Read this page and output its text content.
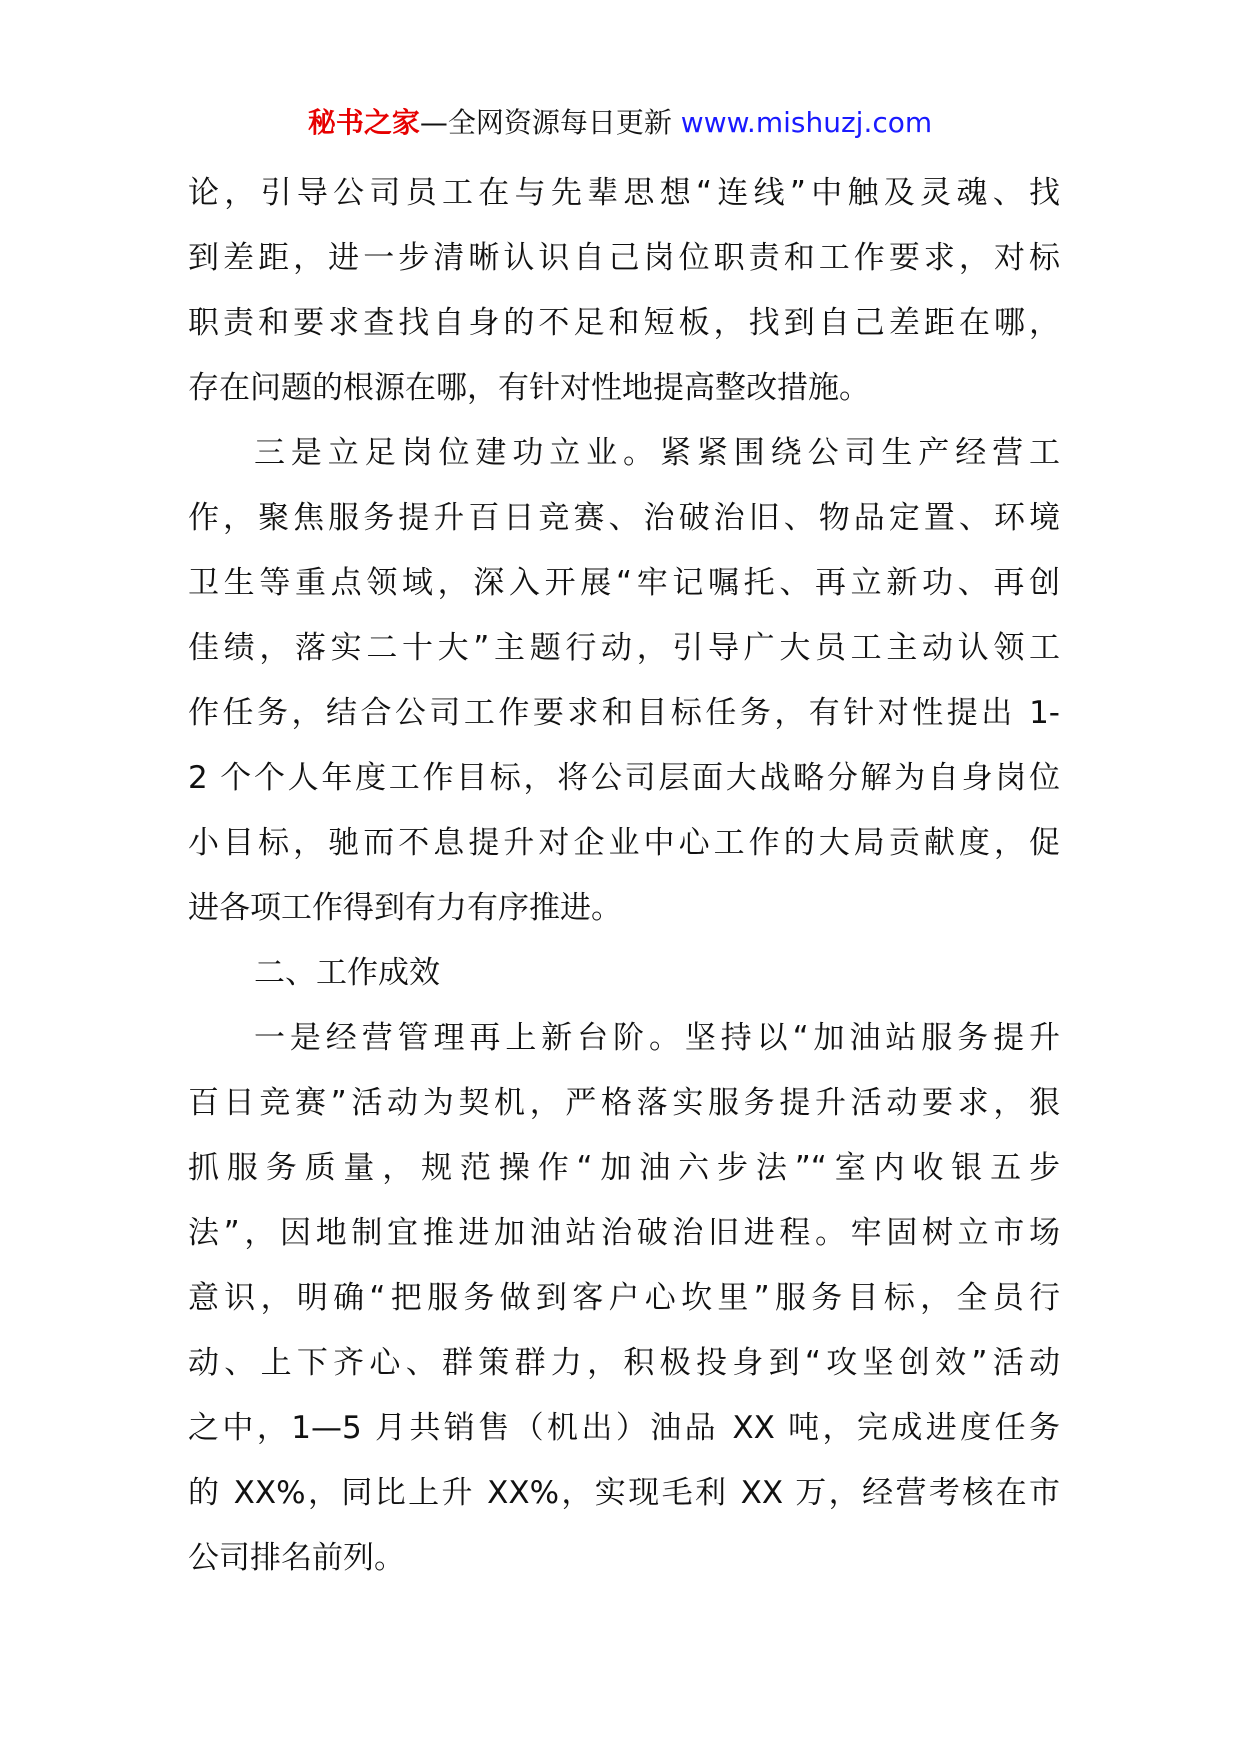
秘书之家—全网资源每日更新 www.mishuzj.com

论，引导公司员工在与先辈思想“连线”中触及灵魂、找
到差距，进一步清晰认识自己岗位职责和工作要求，对标
职责和要求查找自身的不足和短板，找到自己差距在哪，
存在问题的根源在哪，有针对性地提高整改措施。

三是立足岗位建功立业。紧紧围绕公司生产经营工
作，聚焦服务提升百日竞赛、治破治旧、物品定置、环境
卫生等重点领域，深入开展“牢记嘱托、再立新功、再创
佳绩，落实二十大”主题行动，引导广大员工主动认领工
作任务，结合公司工作要求和目标任务，有针对性提出 1-
2 个个人年度工作目标，将公司层面大战略分解为自身岗位
小目标，驰而不息提升对企业中心工作的大局贡献度，促
进各项工作得到有力有序推进。

二、工作成效

一是经营管理再上新台阶。坚持以“加油站服务提升
百日竞赛”活动为契机，严格落实服务提升活动要求，狠
抓服务质量，规范操作“加油六步法”“室内收银五步
法”，因地制宜推进加油站治破治旧进程。牢固树立市场
意识，明确“把服务做到客户心坎里”服务目标，全员行
动、上下齐心、群策群力，积极投身到“攻坚创效”活动
之中，1—5 月共销售（机出）油品 XX 吨，完成进度任务
的 XX%，同比上升 XX%，实现毛利 XX 万，经营考核在市
公司排名前列。
